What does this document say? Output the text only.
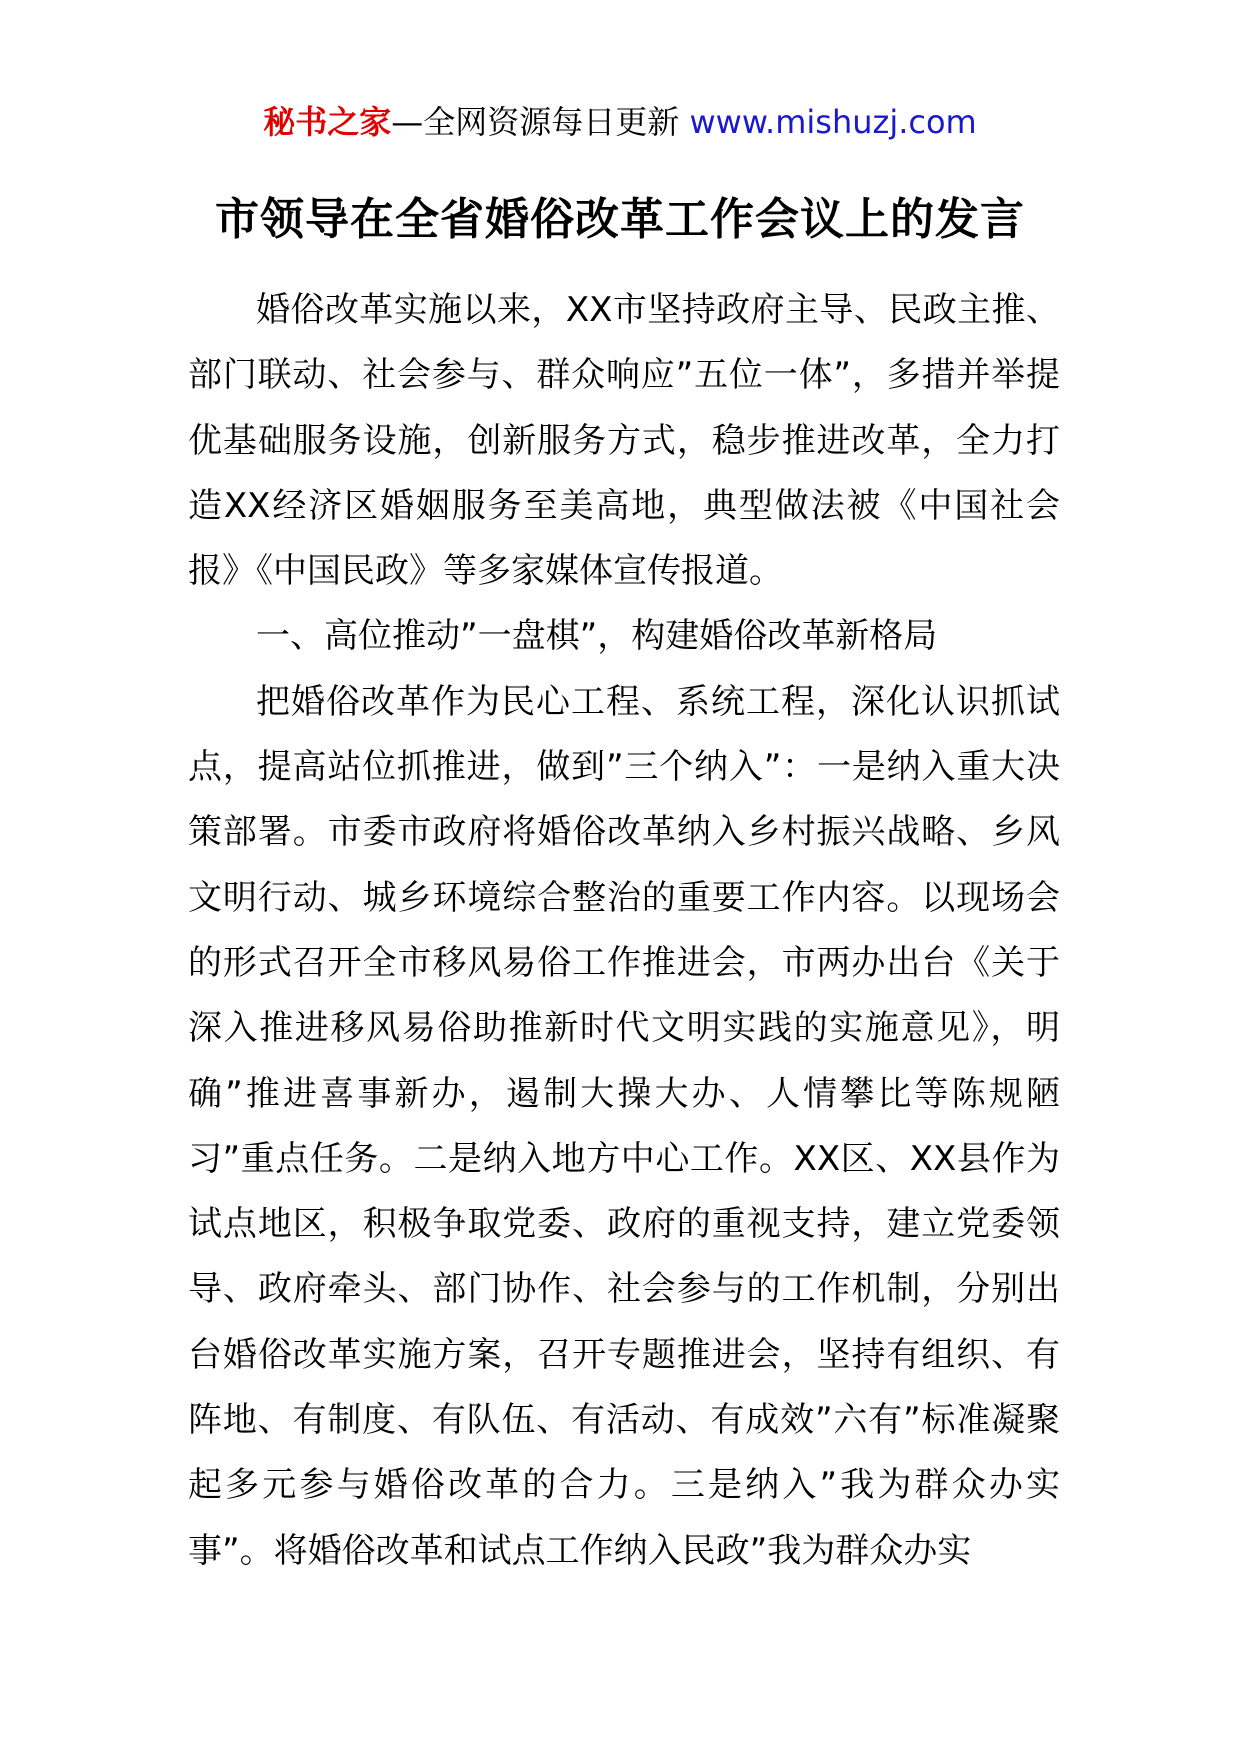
秘书之家—全网资源每日更新 www.mishuzj.com
市领导在全省婚俗改革工作会议上的发言

婚俗改革实施以来，XX市坚持政府主导、民政主推、部门联动、社会参与、群众响应”五位一体”，多措并举提优基础服务设施，创新服务方式，稳步推进改革，全力打造XX经济区婚姻服务至美高地，典型做法被《中国社会报》《中国民政》等多家媒体宣传报道。

一、高位推动”一盘棋”，构建婚俗改革新格局

把婚俗改革作为民心工程、系统工程，深化认识抓试点，提高站位抓推进，做到”三个纳入”：一是纳入重大决策部署。市委市政府将婚俗改革纳入乡村振兴战略、乡风文明行动、城乡环境综合整治的重要工作内容。以现场会的形式召开全市移风易俗工作推进会，市两办出台《关于深入推进移风易俗助推新时代文明实践的实施意见》，明确”推进喜事新办，遏制大操大办、人情攀比等陈规陋习”重点任务。二是纳入地方中心工作。XX区、XX县作为试点地区，积极争取党委、政府的重视支持，建立党委领导、政府牵头、部门协作、社会参与的工作机制，分别出台婚俗改革实施方案，召开专题推进会，坚持有组织、有阵地、有制度、有队伍、有活动、有成效”六有”标准凝聚起多元参与婚俗改革的合力。三是纳入”我为群众办实事”。将婚俗改革和试点工作纳入民政”我为群众办实
